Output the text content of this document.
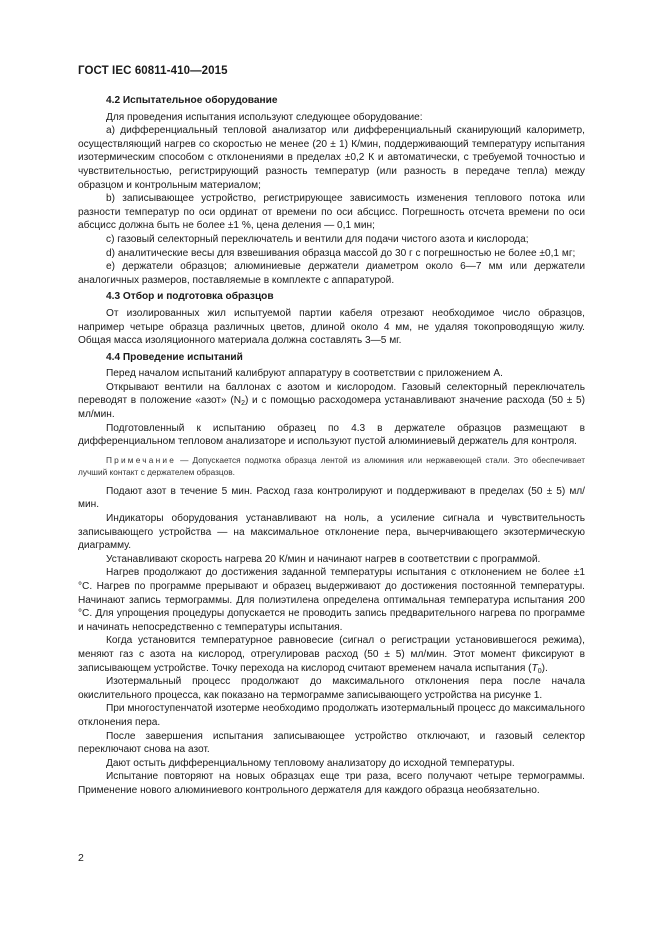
ГОСТ IEC 60811-410—2015

4.2 Испытательное оборудование

Для проведения испытания используют следующее оборудование:

а) дифференциальный тепловой анализатор или дифференциальный сканирующий калориметр, осуществляющий нагрев со скоростью не менее (20 ± 1) К/мин, поддерживающий температуру испытания изотермическим способом с отклонениями в пределах ±0,2 К и автоматически, с требуемой точностью и чувствительностью, регистрирующий разность температур (или разность в передаче тепла) между образцом и контрольным материалом;

b) записывающее устройство, регистрирующее зависимость изменения теплового потока или разности температур по оси ординат от времени по оси абсцисс. Погрешность отсчета времени по оси абсцисс должна быть не более ±1 %, цена деления — 0,1 мин;

c) газовый селекторный переключатель и вентили для подачи чистого азота и кислорода;

d) аналитические весы для взвешивания образца массой до 30 г с погрешностью не более ±0,1 мг;

e) держатели образцов; алюминиевые держатели диаметром около 6—7 мм или держатели аналогичных размеров, поставляемые в комплекте с аппаратурой.

4.3 Отбор и подготовка образцов

От изолированных жил испытуемой партии кабеля отрезают необходимое число образцов, например четыре образца различных цветов, длиной около 4 мм, не удаляя токопроводящую жилу. Общая масса изоляционного материала должна составлять 3—5 мг.

4.4 Проведение испытаний

Перед началом испытаний калибруют аппаратуру в соответствии с приложением А.

Открывают вентили на баллонах с азотом и кислородом. Газовый селекторный переключатель переводят в положение «азот» $(N_2)$ и с помощью расходомера устанавливают значение расхода (50 ± 5) мл/мин.

Подготовленный к испытанию образец по 4.3 в держателе образцов размещают в дифференциальном тепловом анализаторе и используют пустой алюминиевый держатель для контроля.

Примечание — Допускается подмотка образца лентой из алюминия или нержавеющей стали. Это обеспечивает лучший контакт с держателем образцов.

Подают азот в течение 5 мин. Расход газа контролируют и поддерживают в пределах (50 ± 5) мл/мин.

Индикаторы оборудования устанавливают на ноль, а усиление сигнала и чувствительность записывающего устройства — на максимальное отклонение пера, вычерчивающего экзотермическую диаграмму.

Устанавливают скорость нагрева 20 К/мин и начинают нагрев в соответствии с программой.

Нагрев продолжают до достижения заданной температуры испытания с отклонением не более ±1 °С. Нагрев по программе прерывают и образец выдерживают до достижения постоянной температуры. Начинают запись термограммы. Для полиэтилена определена оптимальная температура испытания 200 °С. Для упрощения процедуры допускается не проводить запись предварительного нагрева по программе и начинать непосредственно с температуры испытания.

Когда установится температурное равновесие (сигнал о регистрации установившегося режима), меняют газ с азота на кислород, отрегулировав расход (50 ± 5) мл/мин. Этот момент фиксируют в записывающем устройстве. Точку перехода на кислород считают временем начала испытания $(T_0)$.

Изотермальный процесс продолжают до максимального отклонения пера после начала окислительного процесса, как показано на термограмме записывающего устройства на рисунке 1.

При многоступенчатой изотерме необходимо продолжать изотермальный процесс до максимального отклонения пера.

После завершения испытания записывающее устройство отключают, и газовый селектор переключают снова на азот.

Дают остыть дифференциальному тепловому анализатору до исходной температуры.

Испытание повторяют на новых образцах еще три раза, всего получают четыре термограммы. Применение нового алюминиевого контрольного держателя для каждого образца необязательно.

2
